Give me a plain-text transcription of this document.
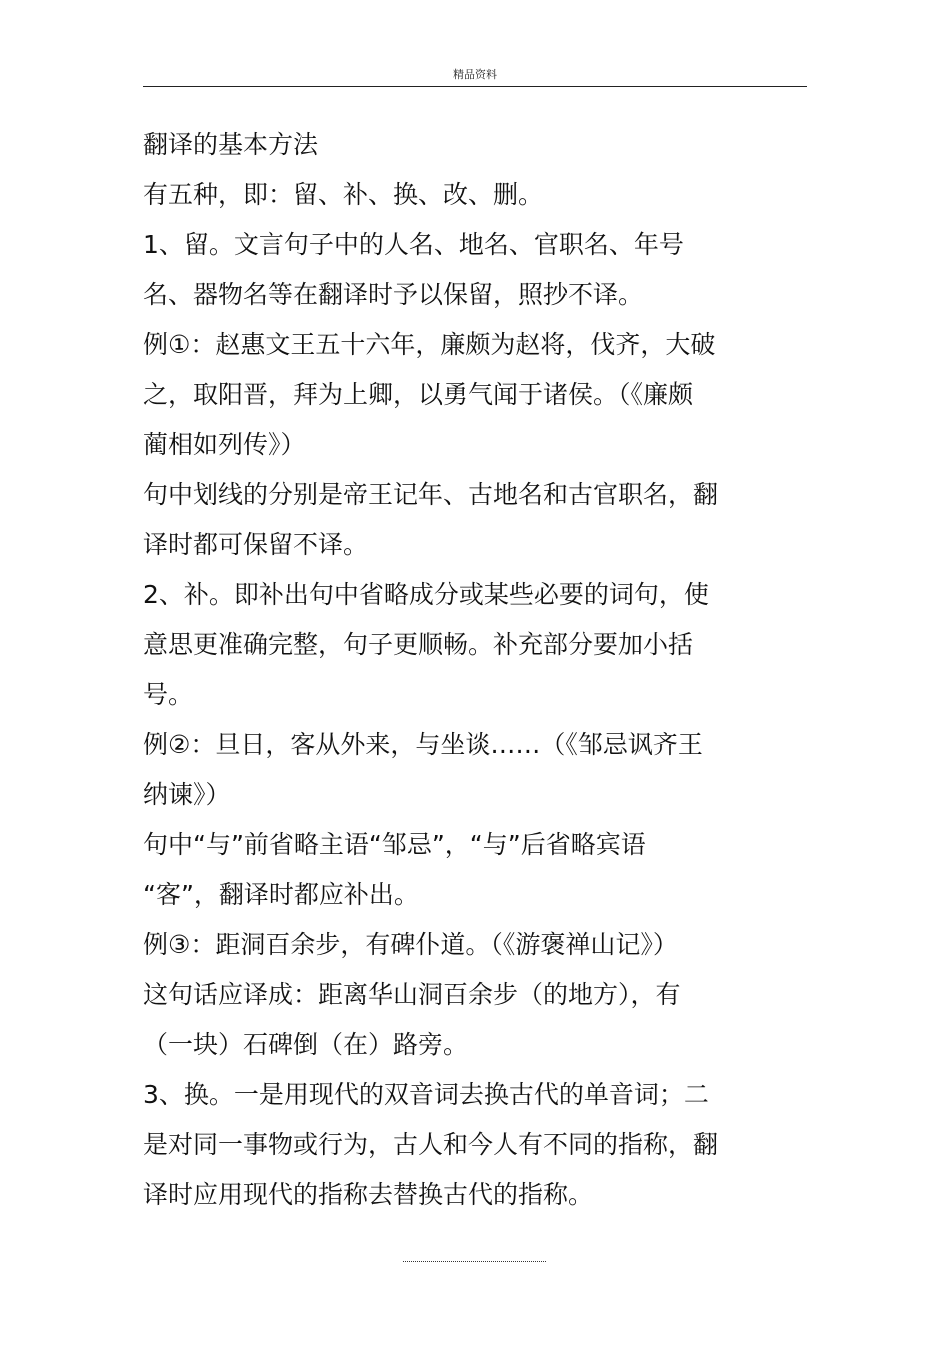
精品资料
翻译的基本方法
有五种，即：留、补、换、改、删。
1、留。文言句子中的人名、地名、官职名、年号
名、器物名等在翻译时予以保留，照抄不译。
例①：赵惠文王五十六年，廉颇为赵将，伐齐，大破
之，取阳晋，拜为上卿，以勇气闻于诸侯。（《廉颇
蔺相如列传》）
句中划线的分别是帝王记年、古地名和古官职名，翻
译时都可保留不译。
2、补。即补出句中省略成分或某些必要的词句，使
意思更准确完整，句子更顺畅。补充部分要加小括
号。
例②：旦日，客从外来，与坐谈……（《邹忌讽齐王
纳谏》）
句中“与”前省略主语“邹忌”，“与”后省略宾语
“客”，翻译时都应补出。
例③：距洞百余步，有碑仆道。（《游褒禅山记》）
这句话应译成：距离华山洞百余步（的地方），有
（一块）石碑倒（在）路旁。
3、换。一是用现代的双音词去换古代的单音词；二
是对同一事物或行为，古人和今人有不同的指称，翻
译时应用现代的指称去替换古代的指称。
